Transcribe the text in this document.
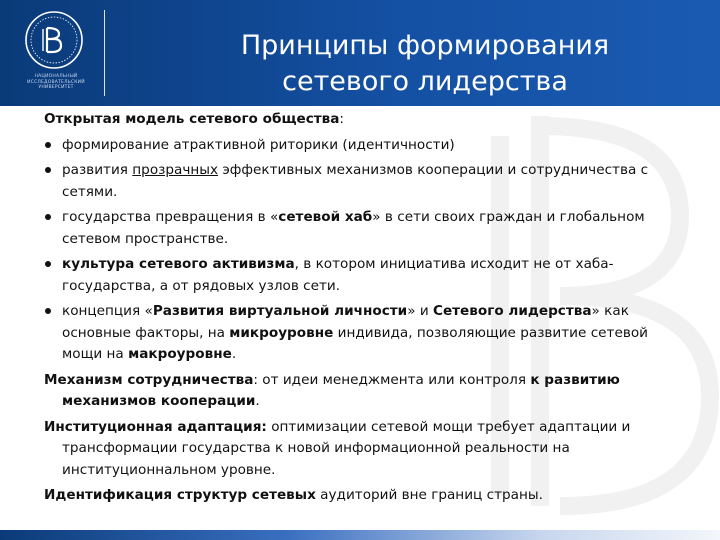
НАЦИОНАЛЬНЫЙ ИССЛЕДОВАТЕЛЬСКИЙ УНИВЕРСИТЕТ
Принципы формирования
сетевого лидерства

Открытая модель сетевого общества:

формирование атрактивной риторики (идентичности)

развития прозрачных эффективных механизмов кооперации и сотрудничества с сетями.

государства превращения в «сетевой хаб» в сети своих граждан и глобальном сетевом пространстве.

культура сетевого активизма, в котором инициатива исходит не от хаба-государства, а от рядовых узлов сети.

концепция «Развития виртуальной личности» и Сетевого лидерства» как основные факторы, на микроуровне индивида, позволяющие развитие сетевой мощи на макроуровне.

Механизм сотрудничества: от идеи менеджмента или контроля к развитию механизмов кооперации.

Институционная адаптация: оптимизации сетевой мощи требует адаптации и трансформации государства к новой информационной реальности на институционнальном уровне.

Идентификация структур сетевых аудиторий вне границ страны.
